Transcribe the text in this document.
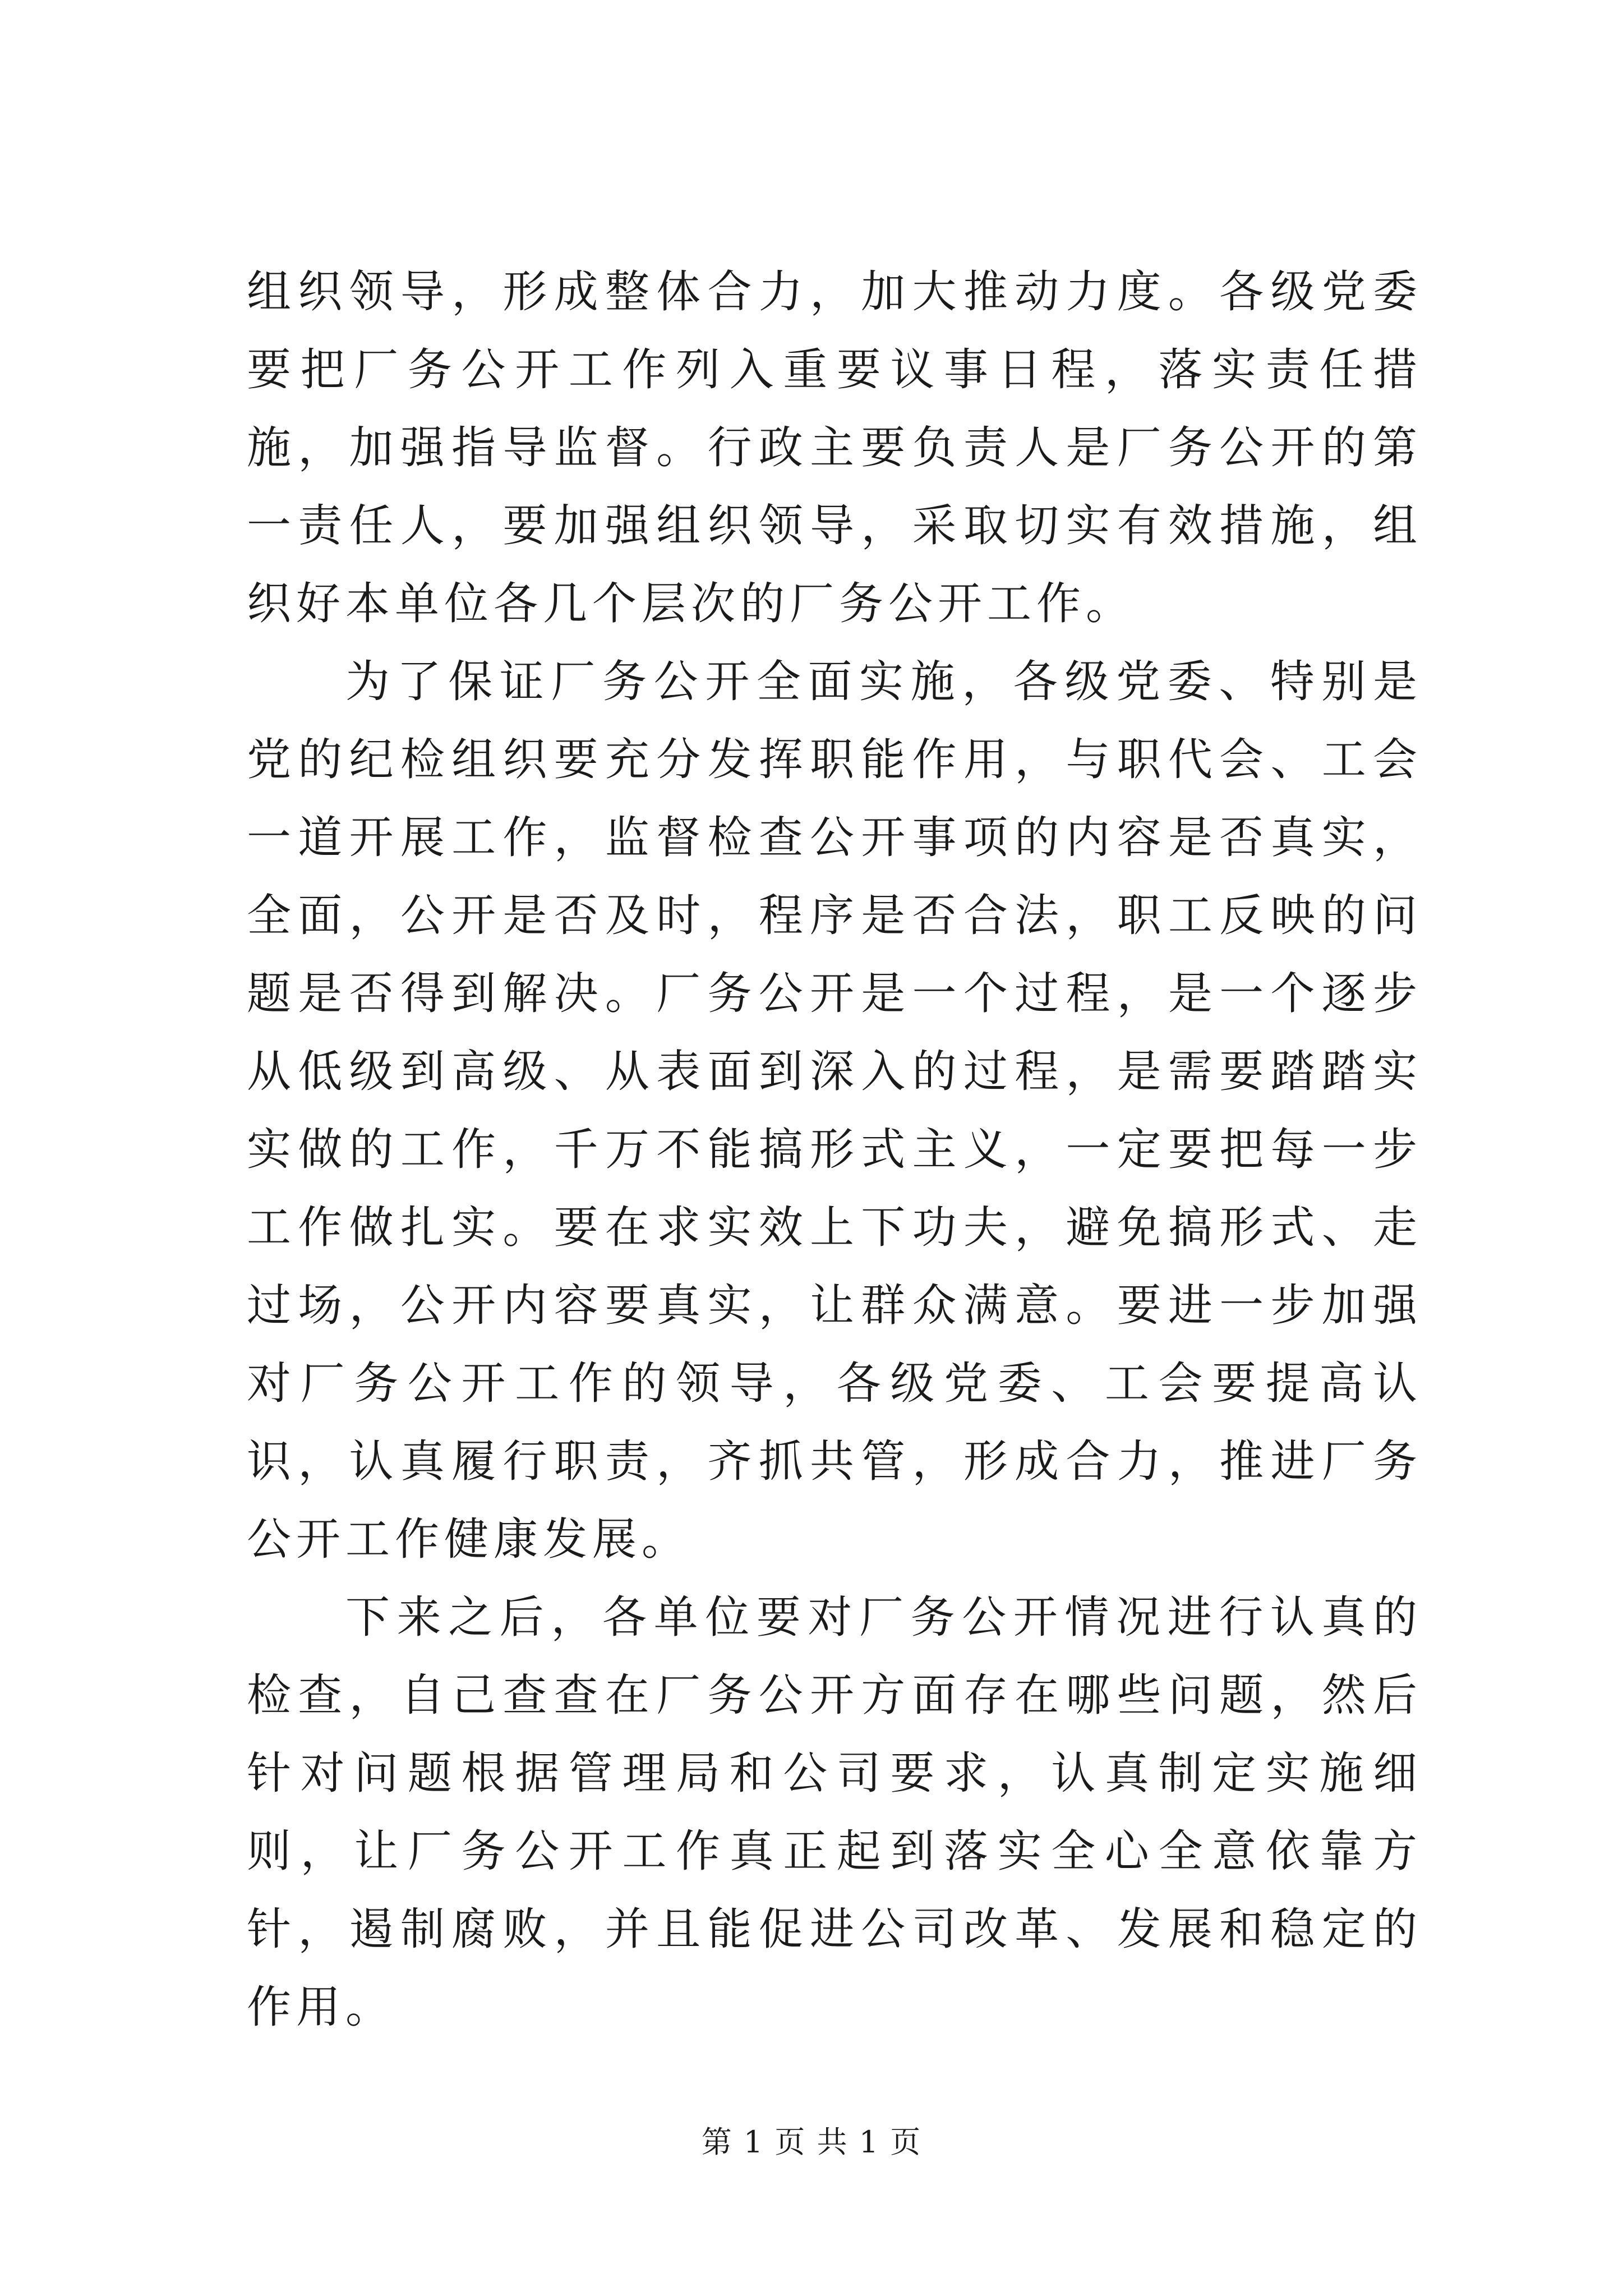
组织领导，形成整体合力，加大推动力度。各级党委要把厂务公开工作列入重要议事日程，落实责任措施，加强指导监督。行政主要负责人是厂务公开的第一责任人，要加强组织领导，采取切实有效措施，组织好本单位各几个层次的厂务公开工作。

为了保证厂务公开全面实施，各级党委、特别是党的纪检组织要充分发挥职能作用，与职代会、工会一道开展工作，监督检查公开事项的内容是否真实，全面，公开是否及时，程序是否合法，职工反映的问题是否得到解决。厂务公开是一个过程，是一个逐步从低级到高级、从表面到深入的过程，是需要踏踏实实做的工作，千万不能搞形式主义，一定要把每一步工作做扎实。要在求实效上下功夫，避免搞形式、走过场，公开内容要真实，让群众满意。要进一步加强对厂务公开工作的领导，各级党委、工会要提高认识，认真履行职责，齐抓共管，形成合力，推进厂务公开工作健康发展。

下来之后，各单位要对厂务公开情况进行认真的检查，自己查查在厂务公开方面存在哪些问题，然后针对问题根据管理局和公司要求，认真制定实施细则，让厂务公开工作真正起到落实全心全意依靠方针，遏制腐败，并且能促进公司改革、发展和稳定的作用。

第 1 页 共 1 页
